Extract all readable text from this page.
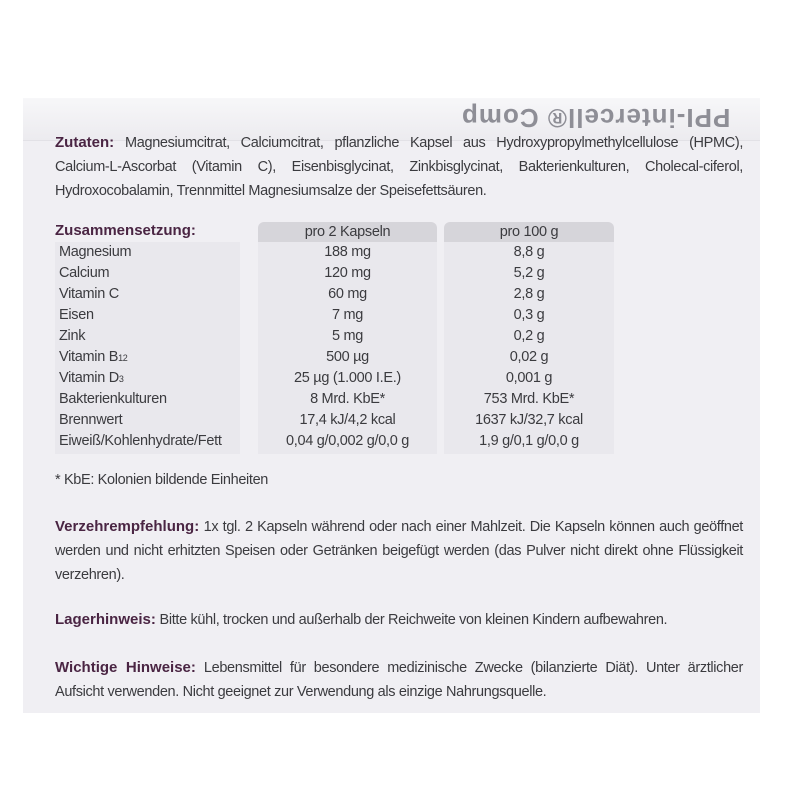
PPI-intercell® Comp
Zutaten: Magnesiumcitrat, Calciumcitrat, pflanzliche Kapsel aus Hydroxypropylmethylcellulose (HPMC), Calcium-L-Ascorbat (Vitamin C), Eisenbisglycinat, Zinkbisglycinat, Bakterienkulturen, Cholecal-ciferol, Hydroxocobalamin, Trennmittel Magnesiumsalze der Speisefettsäuren.
Zusammensetzung:	pro 2 Kapseln	pro 100 g
Magnesium	188 mg	8,8 g
Calcium	120 mg	5,2 g
Vitamin C	60 mg	2,8 g
Eisen	7 mg	0,3 g
Zink	5 mg	0,2 g
Vitamin B12	500 µg	0,02 g
Vitamin D3	25 µg (1.000 I.E.)	0,001 g
Bakterienkulturen	8 Mrd. KbE*	753 Mrd. KbE*
Brennwert	17,4 kJ/4,2 kcal	1637 kJ/32,7 kcal
Eiweiß/Kohlenhydrate/Fett	0,04 g/0,002 g/0,0 g	1,9 g/0,1 g/0,0 g
* KbE: Kolonien bildende Einheiten
Verzehrempfehlung: 1x tgl. 2 Kapseln während oder nach einer Mahlzeit. Die Kapseln können auch geöffnet werden und nicht erhitzten Speisen oder Getränken beigefügt werden (das Pulver nicht direkt ohne Flüssigkeit verzehren).
Lagerhinweis: Bitte kühl, trocken und außerhalb der Reichweite von kleinen Kindern aufbewahren.
Wichtige Hinweise: Lebensmittel für besondere medizinische Zwecke (bilanzierte Diät). Unter ärztlicher Aufsicht verwenden. Nicht geeignet zur Verwendung als einzige Nahrungsquelle.
